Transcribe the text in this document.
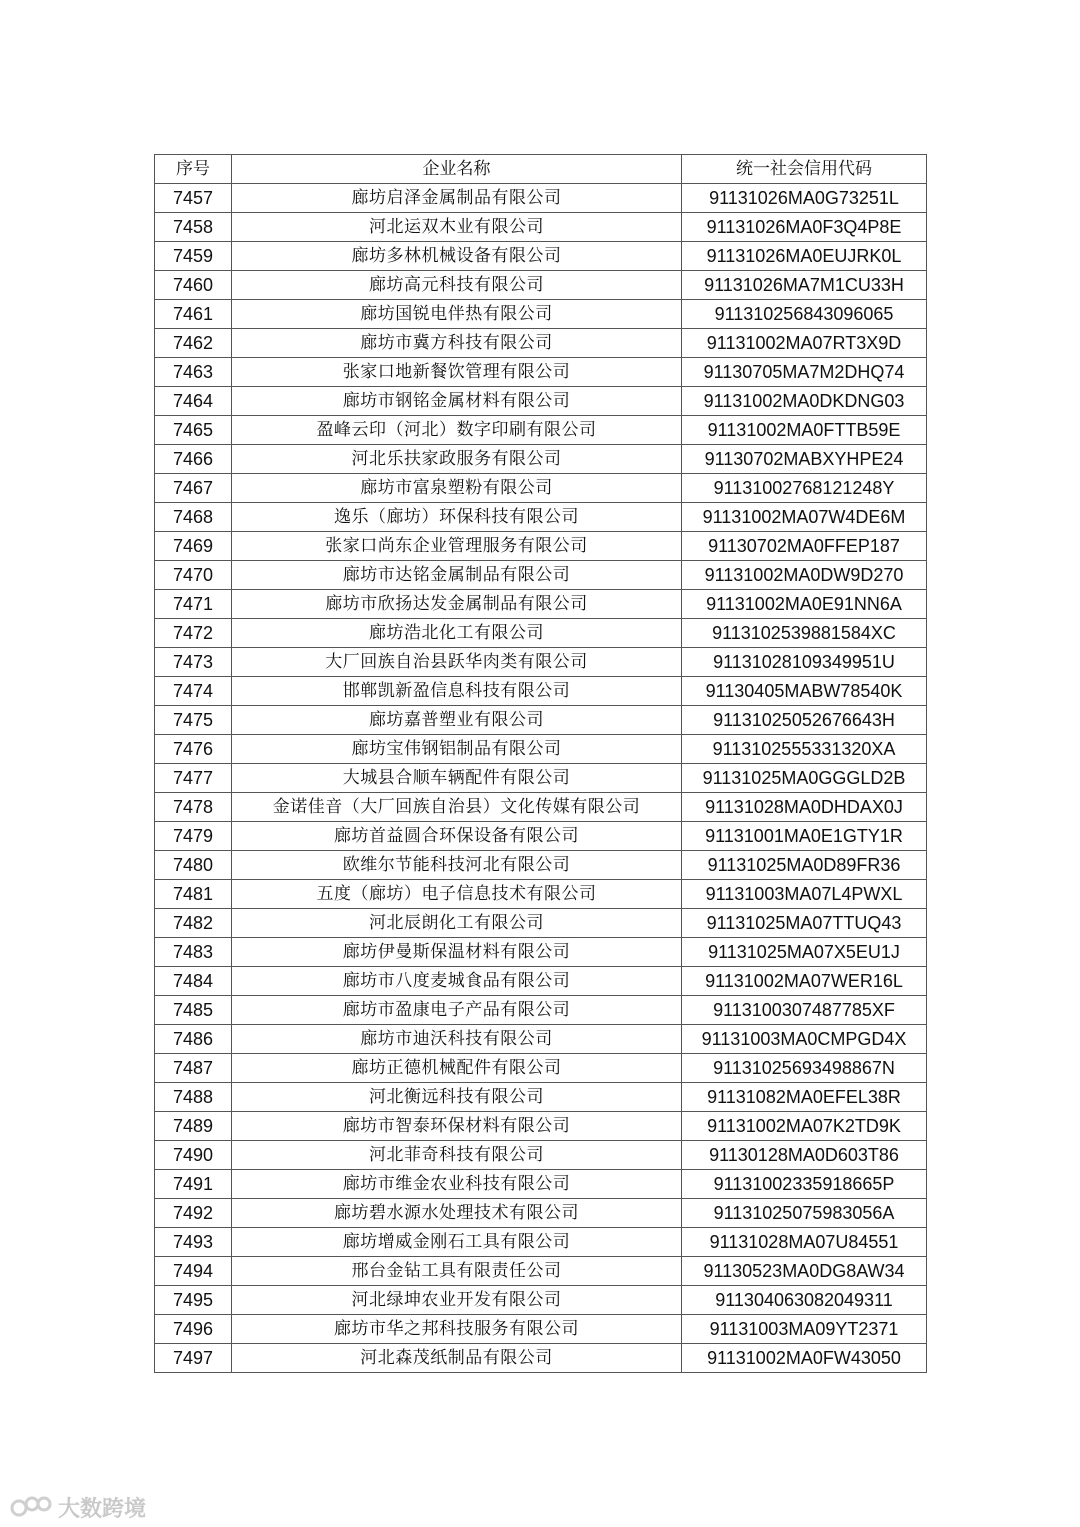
序号	企业名称	统一社会信用代码
7457	廊坊启泽金属制品有限公司	91131026MA0G73251L
7458	河北运双木业有限公司	91131026MA0F3Q4P8E
7459	廊坊多林机械设备有限公司	91131026MA0EUJRK0L
7460	廊坊高元科技有限公司	91131026MA7M1CU33H
7461	廊坊国锐电伴热有限公司	911310256843096065
7462	廊坊市冀方科技有限公司	91131002MA07RT3X9D
7463	张家口地新餐饮管理有限公司	91130705MA7M2DHQ74
7464	廊坊市钢铭金属材料有限公司	91131002MA0DKDNG03
7465	盈峰云印（河北）数字印刷有限公司	91131002MA0FTTB59E
7466	河北乐扶家政服务有限公司	91130702MABXYHPE24
7467	廊坊市富泉塑粉有限公司	91131002768121248Y
7468	逸乐（廊坊）环保科技有限公司	91131002MA07W4DE6M
7469	张家口尚东企业管理服务有限公司	91130702MA0FFEP187
7470	廊坊市达铭金属制品有限公司	91131002MA0DW9D270
7471	廊坊市欣扬达发金属制品有限公司	91131002MA0E91NN6A
7472	廊坊浩北化工有限公司	9113102539881584XC
7473	大厂回族自治县跃华肉类有限公司	91131028109349951U
7474	邯郸凯新盈信息科技有限公司	91130405MABW78540K
7475	廊坊嘉普塑业有限公司	91131025052676643H
7476	廊坊宝伟钢铝制品有限公司	9113102555331320XA
7477	大城县合顺车辆配件有限公司	91131025MA0GGGLD2B
7478	金诺佳音（大厂回族自治县）文化传媒有限公司	91131028MA0DHDAX0J
7479	廊坊首益圆合环保设备有限公司	91131001MA0E1GTY1R
7480	欧维尔节能科技河北有限公司	91131025MA0D89FR36
7481	五度（廊坊）电子信息技术有限公司	91131003MA07L4PWXL
7482	河北辰朗化工有限公司	91131025MA07TTUQ43
7483	廊坊伊曼斯保温材料有限公司	91131025MA07X5EU1J
7484	廊坊市八度麦城食品有限公司	91131002MA07WER16L
7485	廊坊市盈康电子产品有限公司	9113100307487785XF
7486	廊坊市迪沃科技有限公司	91131003MA0CMPGD4X
7487	廊坊正德机械配件有限公司	91131025693498867N
7488	河北衡远科技有限公司	91131082MA0EFEL38R
7489	廊坊市智泰环保材料有限公司	91131002MA07K2TD9K
7490	河北菲奇科技有限公司	91130128MA0D603T86
7491	廊坊市维金农业科技有限公司	91131002335918665P
7492	廊坊碧水源水处理技术有限公司	91131025075983056A
7493	廊坊增威金刚石工具有限公司	91131028MA07U84551
7494	邢台金钻工具有限责任公司	91130523MA0DG8AW34
7495	河北绿坤农业开发有限公司	911304063082049311
7496	廊坊市华之邦科技服务有限公司	91131003MA09YT2371
7497	河北森茂纸制品有限公司	91131002MA0FW43050
大数跨境
